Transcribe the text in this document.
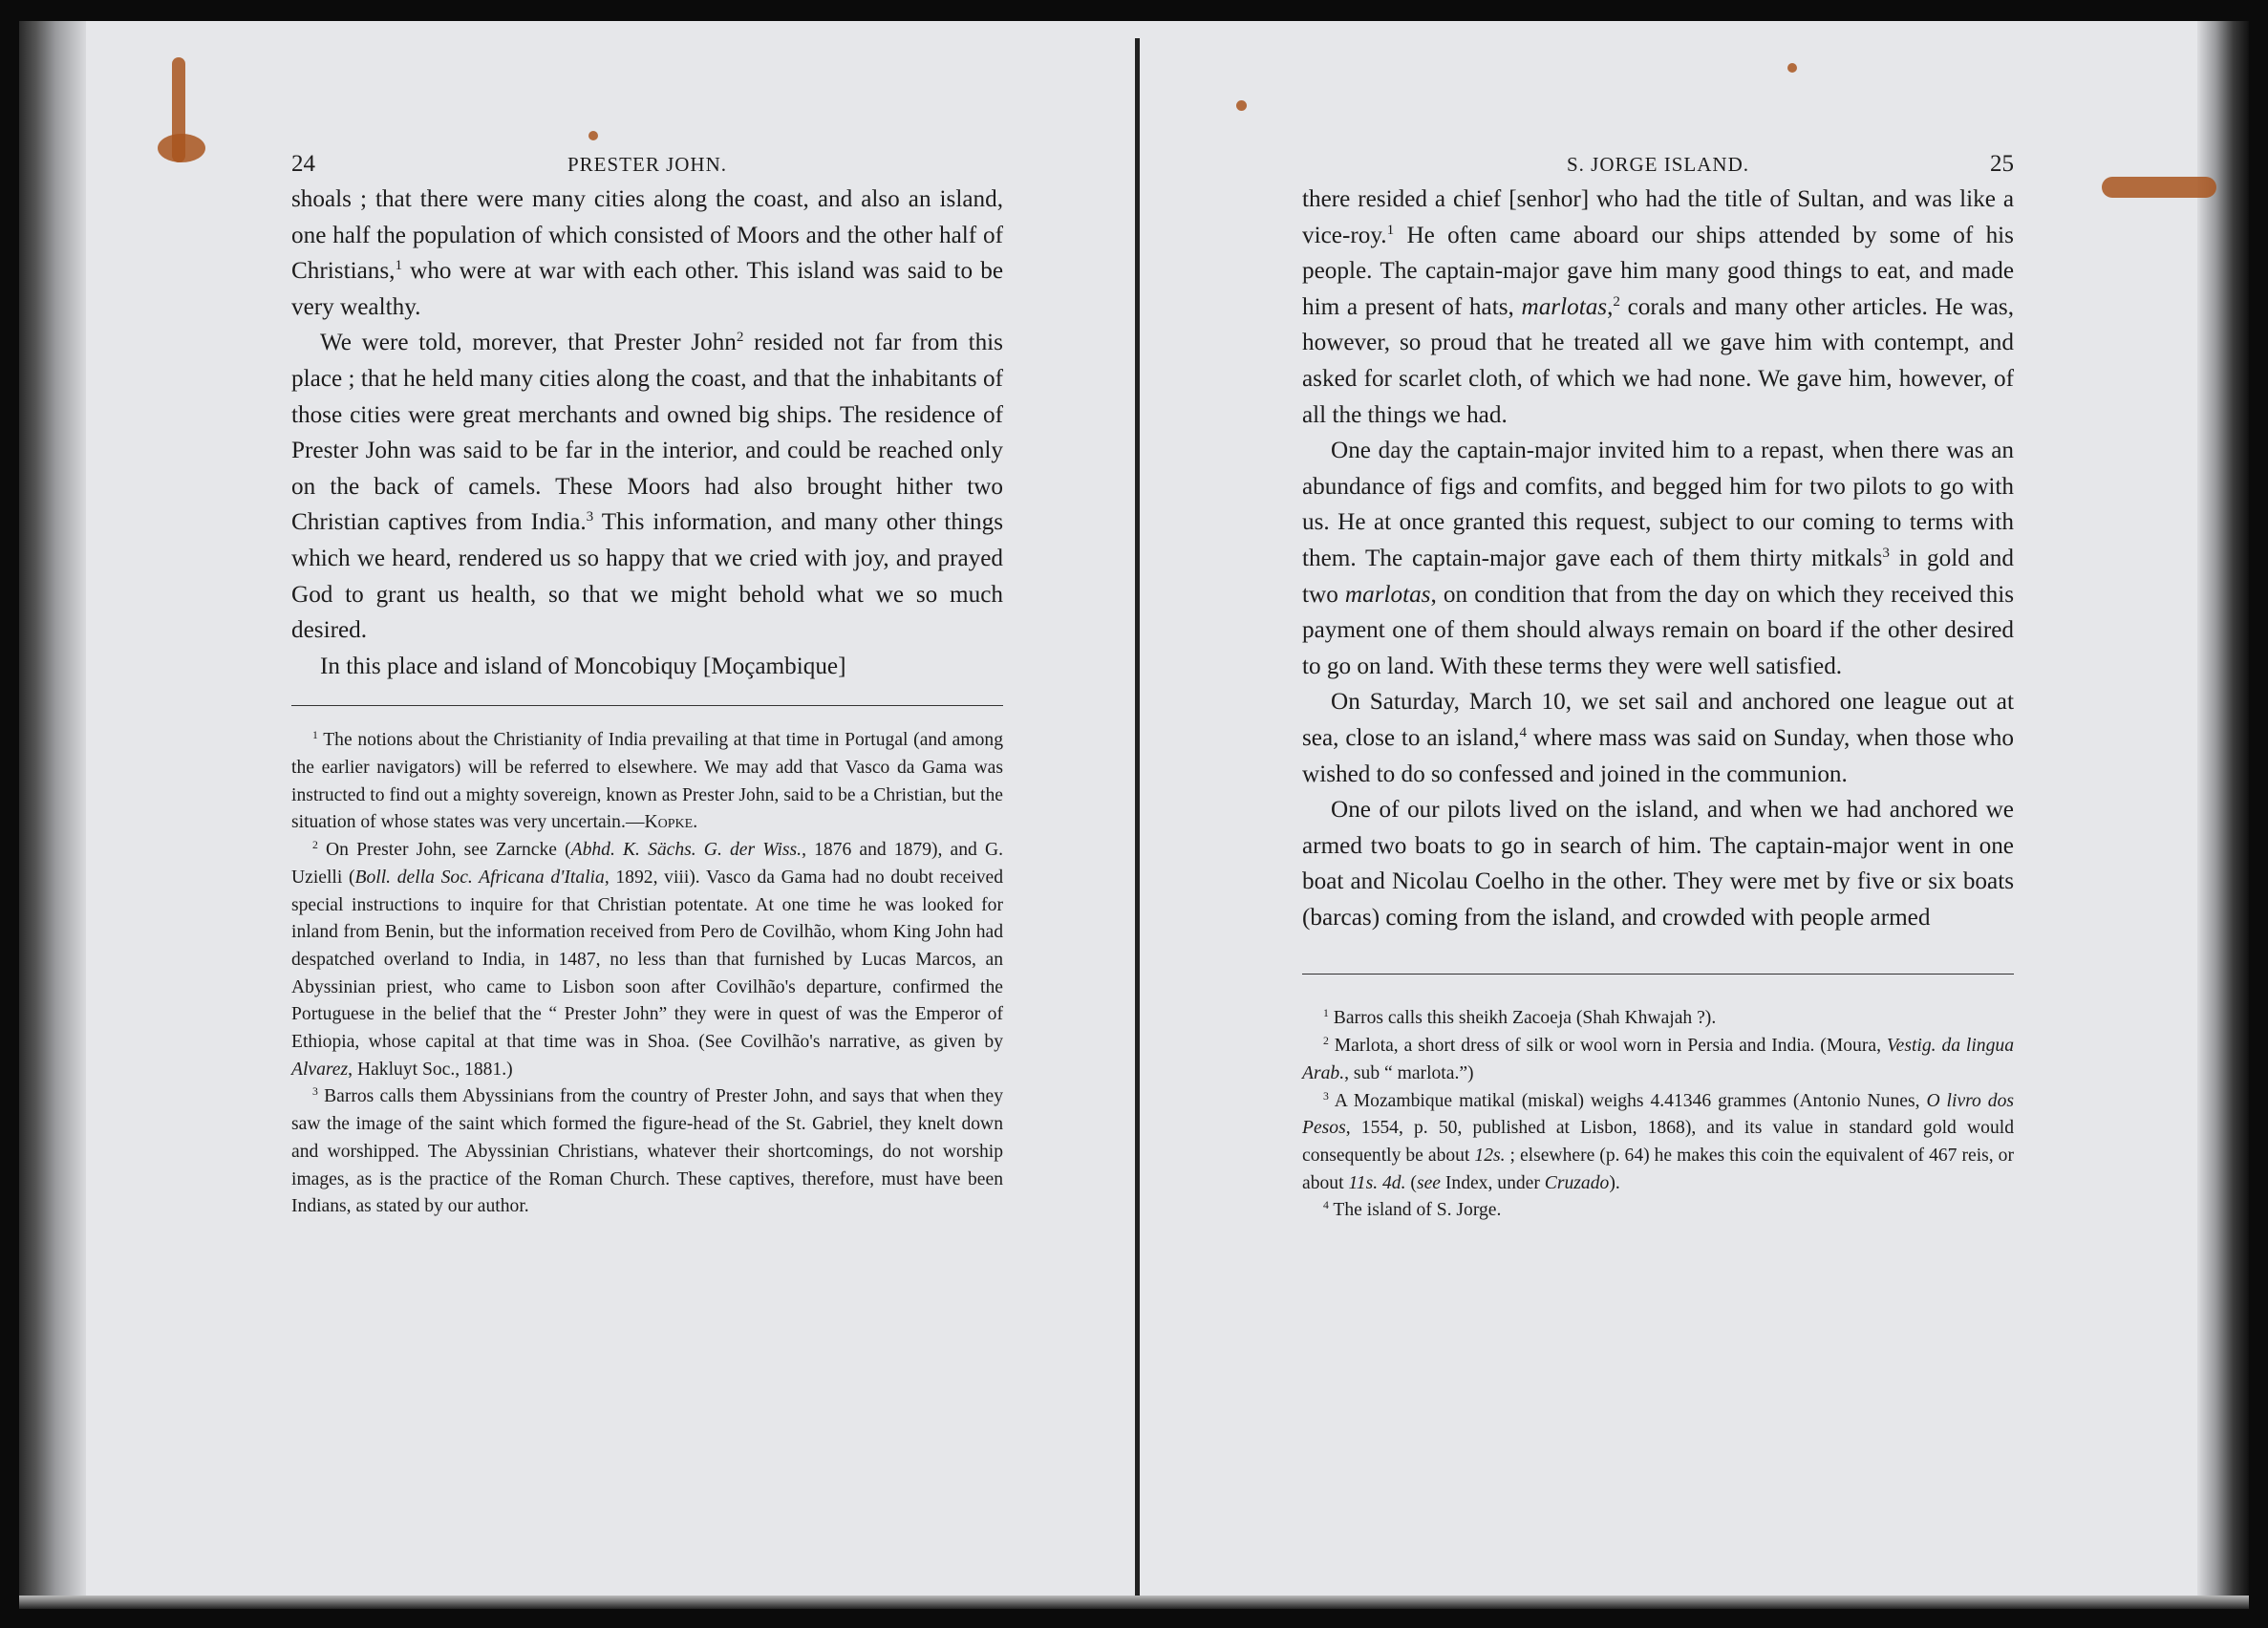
24	PRESTER JOHN.

shoals ; that there were many cities along the coast, and also an island, one half the population of which consisted of Moors and the other half of Christians,$^1$ who were at war with each other. This island was said to be very wealthy.

We were told, morever, that Prester John$^2$ resided not far from this place ; that he held many cities along the coast, and that the inhabitants of those cities were great merchants and owned big ships. The residence of Prester John was said to be far in the interior, and could be reached only on the back of camels. These Moors had also brought hither two Christian captives from India.$^3$ This information, and many other things which we heard, rendered us so happy that we cried with joy, and prayed God to grant us health, so that we might behold what we so much desired.

In this place and island of Moncobiquy [Moçambique]

$^1$ The notions about the Christianity of India prevailing at that time in Portugal (and among the earlier navigators) will be referred to elsewhere. We may add that Vasco da Gama was instructed to find out a mighty sovereign, known as Prester John, said to be a Christian, but the situation of whose states was very uncertain.—Kopke.

$^2$ On Prester John, see Zarncke (Abhd. K. Sächs. G. der Wiss., 1876 and 1879), and G. Uzielli (Boll. della Soc. Africana d'Italia, 1892, viii). Vasco da Gama had no doubt received special instructions to inquire for that Christian potentate. At one time he was looked for inland from Benin, but the information received from Pero de Covilhão, whom King John had despatched overland to India, in 1487, no less than that furnished by Lucas Marcos, an Abyssinian priest, who came to Lisbon soon after Covilhão's departure, confirmed the Portuguese in the belief that the “ Prester John” they were in quest of was the Emperor of Ethiopia, whose capital at that time was in Shoa. (See Covilhão's narrative, as given by Alvarez, Hakluyt Soc., 1881.)

$^3$ Barros calls them Abyssinians from the country of Prester John, and says that when they saw the image of the saint which formed the figure-head of the St. Gabriel, they knelt down and worshipped. The Abyssinian Christians, whatever their shortcomings, do not worship images, as is the practice of the Roman Church. These captives, therefore, must have been Indians, as stated by our author.

S. JORGE ISLAND.	25

there resided a chief [senhor] who had the title of Sultan, and was like a vice-roy.$^1$ He often came aboard our ships attended by some of his people. The captain-major gave him many good things to eat, and made him a present of hats, marlotas,$^2$ corals and many other articles. He was, however, so proud that he treated all we gave him with contempt, and asked for scarlet cloth, of which we had none. We gave him, however, of all the things we had.

One day the captain-major invited him to a repast, when there was an abundance of figs and comfits, and begged him for two pilots to go with us. He at once granted this request, subject to our coming to terms with them. The captain-major gave each of them thirty mitkals$^3$ in gold and two marlotas, on condition that from the day on which they received this payment one of them should always remain on board if the other desired to go on land. With these terms they were well satisfied.

On Saturday, March 10, we set sail and anchored one league out at sea, close to an island,$^4$ where mass was said on Sunday, when those who wished to do so confessed and joined in the communion.

One of our pilots lived on the island, and when we had anchored we armed two boats to go in search of him. The captain-major went in one boat and Nicolau Coelho in the other. They were met by five or six boats (barcas) coming from the island, and crowded with people armed

$^1$ Barros calls this sheikh Zacoeja (Shah Khwajah ?).

$^2$ Marlota, a short dress of silk or wool worn in Persia and India. (Moura, Vestig. da lingua Arab., sub “ marlota.”)

$^3$ A Mozambique matikal (miskal) weighs 4.41346 grammes (Antonio Nunes, O livro dos Pesos, 1554, p. 50, published at Lisbon, 1868), and its value in standard gold would consequently be about 12s. ; elsewhere (p. 64) he makes this coin the equivalent of 467 reis, or about 11s. 4d. (see Index, under Cruzado).

$^4$ The island of S. Jorge.
